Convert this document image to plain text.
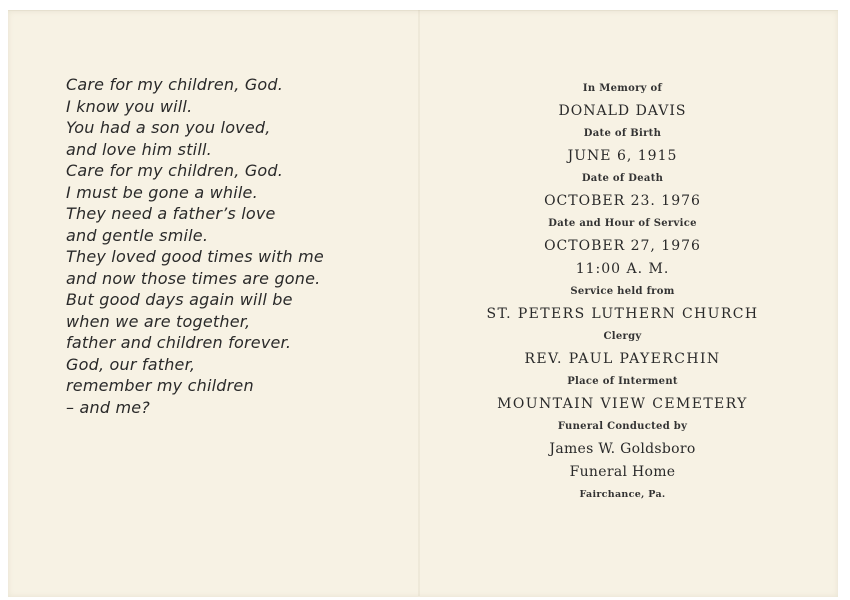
Care for my children, God.
I know you will.
You had a son you loved,
and love him still.
Care for my children, God.
I must be gone a while.
They need a father’s love
and gentle smile.
They loved good times with me
and now those times are gone.
But good days again will be
when we are together,
father and children forever.
God, our father,
remember my children
– and me?
In Memory of
DONALD DAVIS
Date of Birth
JUNE 6, 1915
Date of Death
OCTOBER 23. 1976
Date and Hour of Service
OCTOBER 27, 1976
11:00 A. M.
Service held from
ST. PETERS LUTHERN CHURCH
Clergy
REV. PAUL PAYERCHIN
Place of Interment
MOUNTAIN VIEW CEMETERY
Funeral Conducted by
James W. Goldsboro
Funeral Home
Fairchance, Pa.
